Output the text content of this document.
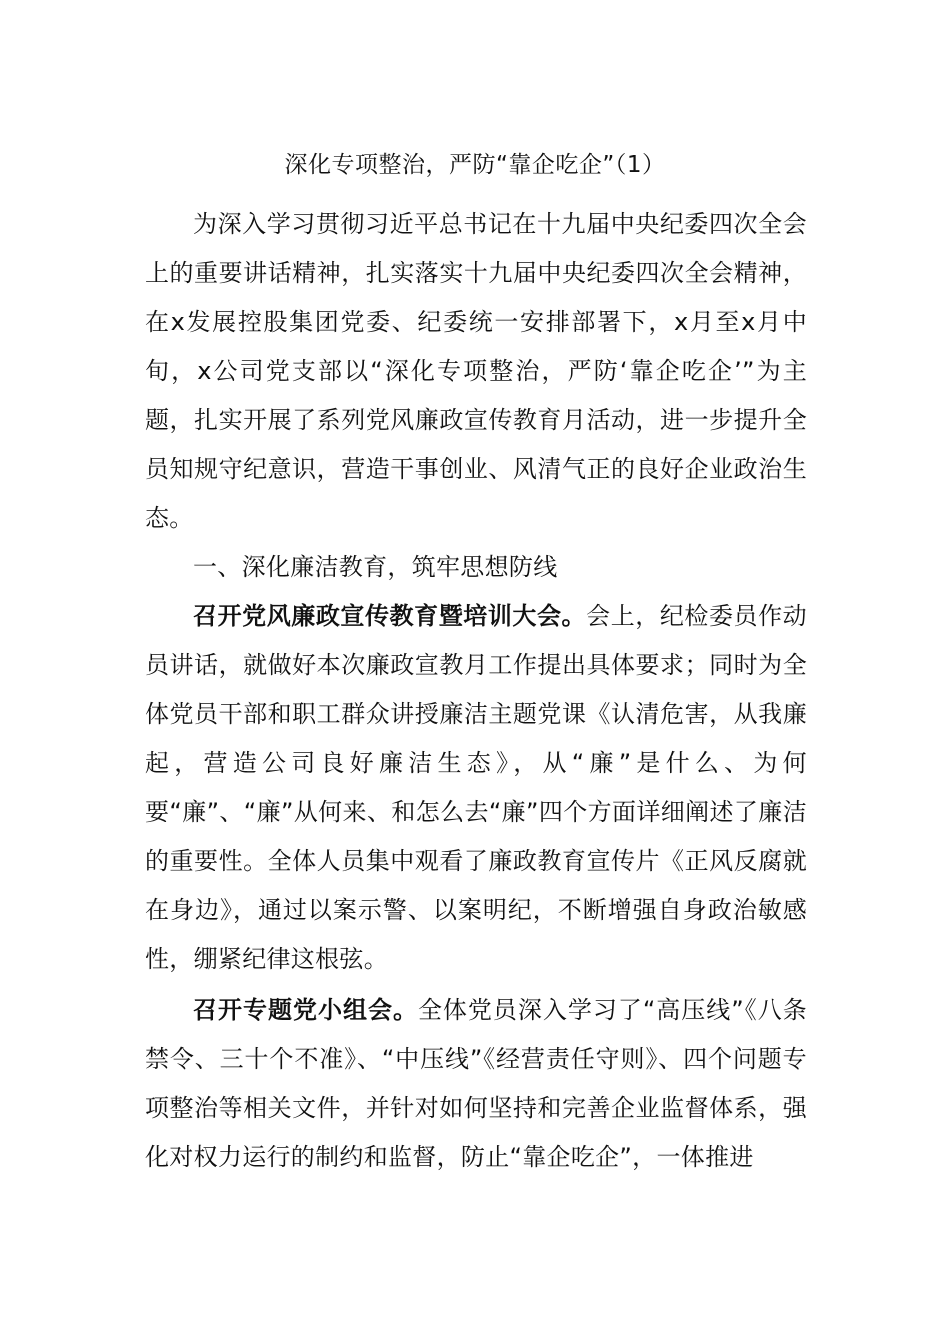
深化专项整治，严防“靠企吃企”（1）

为深入学习贯彻习近平总书记在十九届中央纪委四次全会上的重要讲话精神，扎实落实十九届中央纪委四次全会精神，在x发展控股集团党委、纪委统一安排部署下，x月至x月中旬，x公司党支部以“深化专项整治，严防‘靠企吃企’”为主题，扎实开展了系列党风廉政宣传教育月活动，进一步提升全员知规守纪意识，营造干事创业、风清气正的良好企业政治生态。

一、深化廉洁教育，筑牢思想防线

召开党风廉政宣传教育暨培训大会。会上，纪检委员作动员讲话，就做好本次廉政宣教月工作提出具体要求；同时为全体党员干部和职工群众讲授廉洁主题党课《认清危害，从我廉起，营造公司良好廉洁生态》，从“廉”是什么、为何要“廉”、“廉”从何来、和怎么去“廉”四个方面详细阐述了廉洁的重要性。全体人员集中观看了廉政教育宣传片《正风反腐就在身边》，通过以案示警、以案明纪，不断增强自身政治敏感性，绷紧纪律这根弦。

召开专题党小组会。全体党员深入学习了“高压线”《八条禁令、三十个不准》、“中压线”《经营责任守则》、四个问题专项整治等相关文件，并针对如何坚持和完善企业监督体系，强化对权力运行的制约和监督，防止“靠企吃企”，一体推进
